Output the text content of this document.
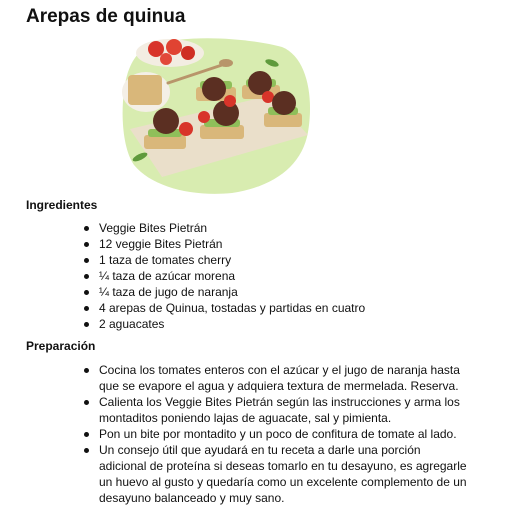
Arepas de quinua
Ingredientes
Veggie Bites Pietrán
12 veggie Bites Pietrán
1 taza de tomates cherry
¼ taza de azúcar morena
¼ taza de jugo de naranja
4 arepas de Quinua, tostadas y partidas en cuatro
2 aguacates
Preparación
Cocina los tomates enteros con el azúcar y el jugo de naranja hasta que se evapore el agua y adquiera textura de mermelada. Reserva.
Calienta los Veggie Bites Pietrán según las instrucciones y arma los montaditos poniendo lajas de aguacate, sal y pimienta.
Pon un bite por montadito y un poco de confitura de tomate al lado.
Un consejo útil que ayudará en tu receta a darle una porción adicional de proteína si deseas tomarlo en tu desayuno, es agregarle un huevo al gusto y quedaría como un excelente complemento de un desayuno balanceado y muy sano.
